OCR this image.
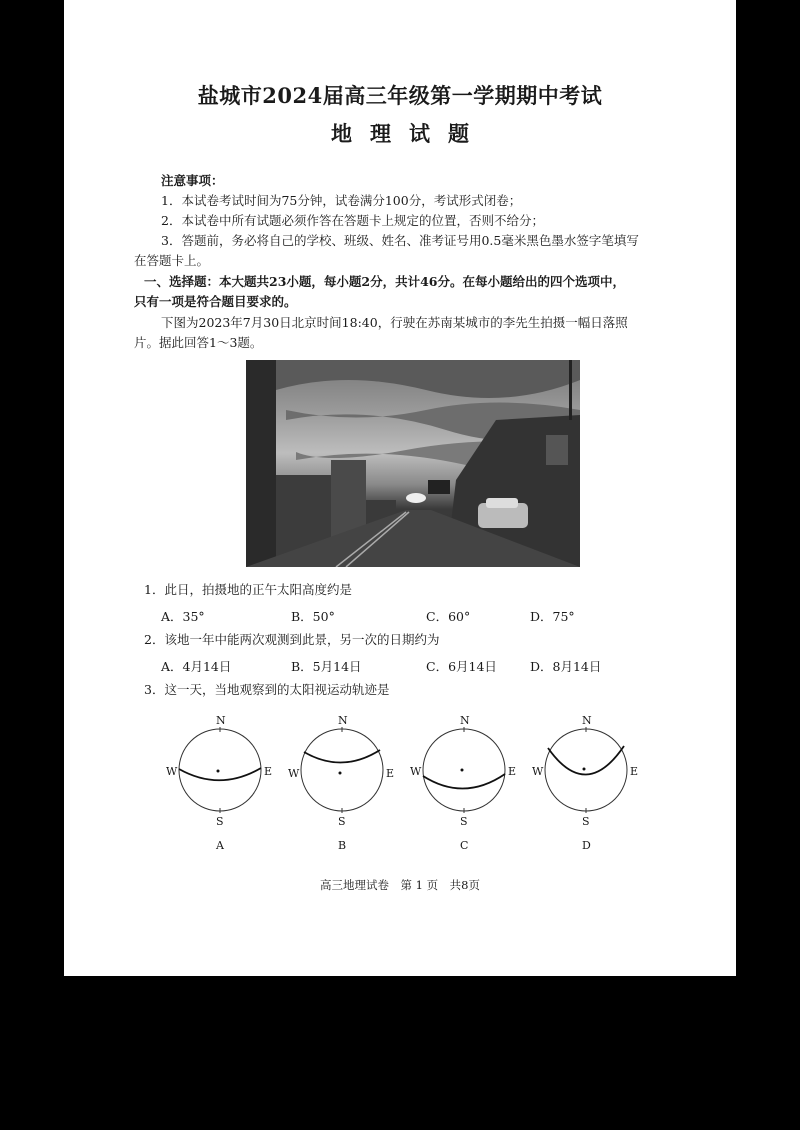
盐城市2024届高三年级第一学期期中考试
地理试题
注意事项：
1．本试卷考试时间为75分钟，试卷满分100分，考试形式闭卷；
2．本试卷中所有试题必须作答在答题卡上规定的位置，否则不给分；
3．答题前，务必将自己的学校、班级、姓名、准考证号用0.5毫米黑色墨水签字笔填写
在答题卡上。
一、选择题：本大题共23小题，每小题2分，共计46分。在每小题给出的四个选项中，
只有一项是符合题目要求的。
下图为2023年7月30日北京时间18:40，行驶在苏南某城市的李先生拍摄一幅日落照
片。据此回答1～3题。
1．此日，拍摄地的正午太阳高度约是
A．35°	B．50°	C．60°	D．75°
2．该地一年中能两次观测到此景，另一次的日期约为
A．4月14日	B．5月14日	C．6月14日	D．8月14日
3．这一天，当地观察到的太阳视运动轨迹是
N
W	E
S
A
N
W	E
S
B
N
W	E
S
C
N
W	E
S
D
高三地理试卷　第 1 页　共8页
